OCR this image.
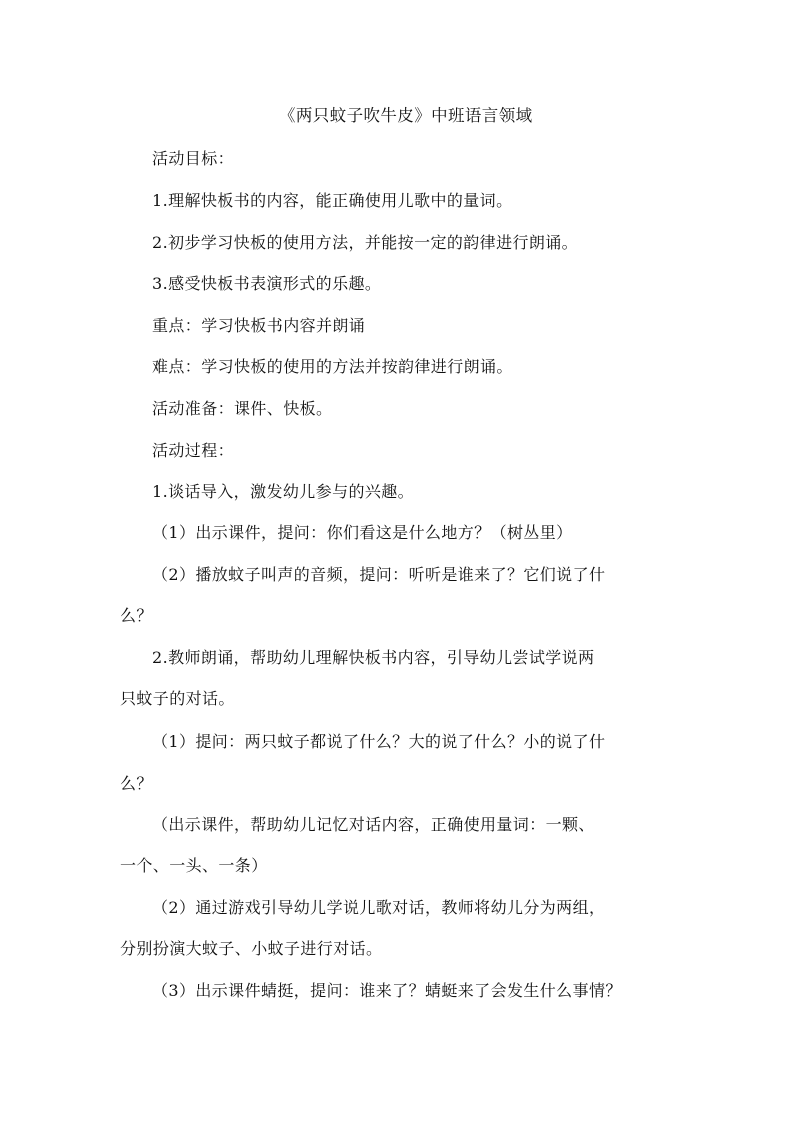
《两只蚊子吹牛皮》中班语言领域
活动目标：
1.理解快板书的内容，能正确使用儿歌中的量词。
2.初步学习快板的使用方法，并能按一定的韵律进行朗诵。
3.感受快板书表演形式的乐趣。
重点：学习快板书内容并朗诵
难点：学习快板的使用的方法并按韵律进行朗诵。
活动准备：课件、快板。
活动过程：
1.谈话导入，激发幼儿参与的兴趣。
（1）出示课件，提问：你们看这是什么地方？（树丛里）
（2）播放蚊子叫声的音频，提问：听听是谁来了？它们说了什
么？
2.教师朗诵，帮助幼儿理解快板书内容，引导幼儿尝试学说两
只蚊子的对话。
（1）提问：两只蚊子都说了什么？大的说了什么？小的说了什
么？
（出示课件，帮助幼儿记忆对话内容，正确使用量词：一颗、
一个、一头、一条）
（2）通过游戏引导幼儿学说儿歌对话，教师将幼儿分为两组，
分别扮演大蚊子、小蚊子进行对话。
（3）出示课件蜻挺，提问：谁来了？蜻蜓来了会发生什么事情？
